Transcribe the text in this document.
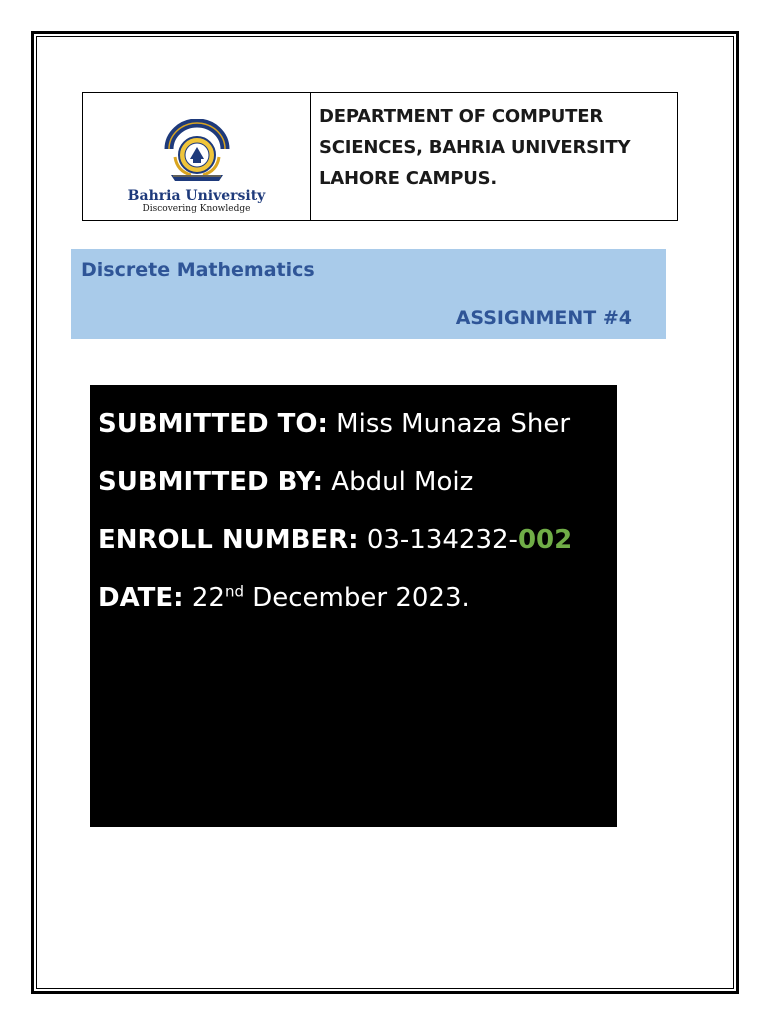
Bahria University
Discovering Knowledge

DEPARTMENT OF COMPUTER

SCIENCES, BAHRIA UNIVERSITY

LAHORE CAMPUS.

Discrete Mathematics

ASSIGNMENT #4

SUBMITTED TO: Miss Munaza Sher

SUBMITTED BY: Abdul Moiz

ENROLL NUMBER: 03-134232-002

DATE: 22nd December 2023.
